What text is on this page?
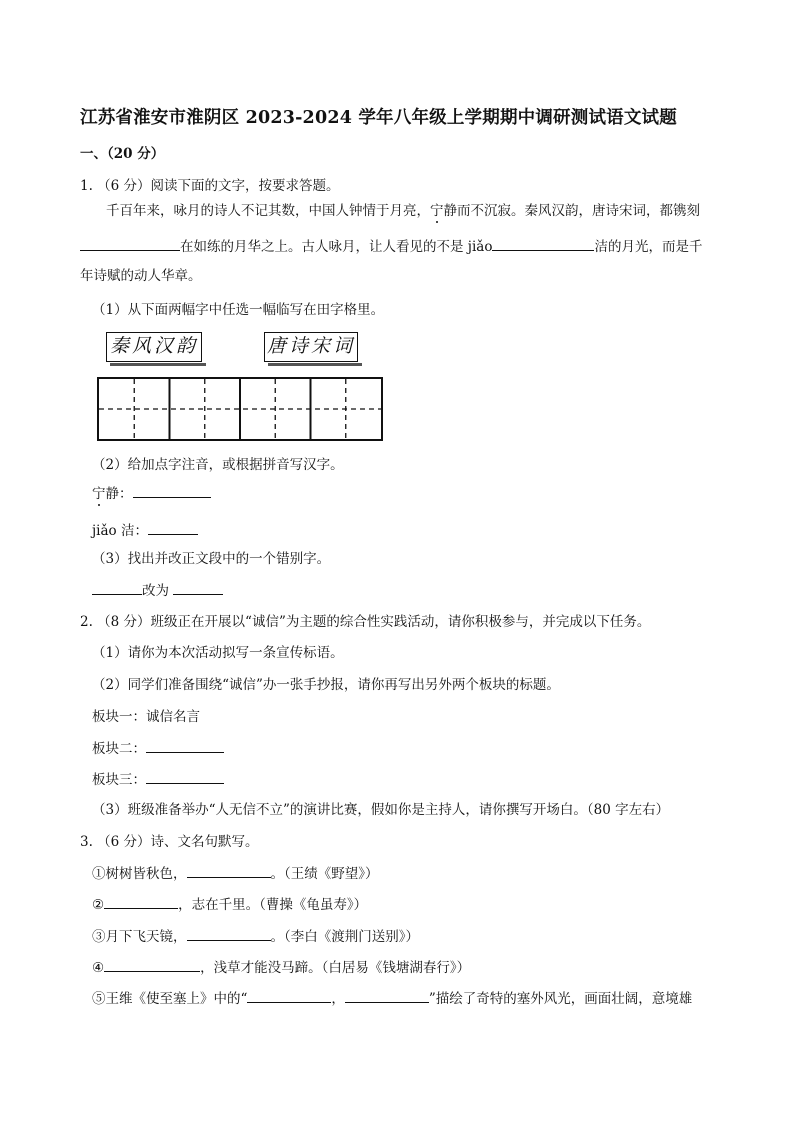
江苏省淮安市淮阴区 2023-2024 学年八年级上学期期中调研测试语文试题
一、（20 分）
1. （6 分）阅读下面的文字，按要求答题。
千百年来，咏月的诗人不记其数，中国人钟情于月亮，宁静而不沉寂。秦风汉韵，唐诗宋词，都镌刻
在如练的月华之上。古人咏月，让人看见的不是 jiǎo	洁的月光，而是千
年诗赋的动人华章。
（1）从下面两幅字中任选一幅临写在田字格里。
秦风汉韵	唐诗宋词
（2）给加点字注音，或根据拼音写汉字。
宁静：
jiǎo 洁：
（3）找出并改正文段中的一个错别字。
改为
2. （8 分）班级正在开展以“诚信”为主题的综合性实践活动，请你积极参与，并完成以下任务。
（1）请你为本次活动拟写一条宣传标语。
（2）同学们准备围绕“诚信”办一张手抄报，请你再写出另外两个板块的标题。
板块一：诚信名言
板块二：
板块三：
（3）班级准备举办“人无信不立”的演讲比赛，假如你是主持人，请你撰写开场白。（80 字左右）
3. （6 分）诗、文名句默写。
①树树皆秋色，	。（王绩《野望》）
②	，志在千里。（曹操《龟虽寿》）
③月下飞天镜，	。（李白《渡荆门送别》）
④	，浅草才能没马蹄。（白居易《钱塘湖春行》）
⑤王维《使至塞上》中的“	，	”描绘了奇特的塞外风光，画面壮阔，意境雄
